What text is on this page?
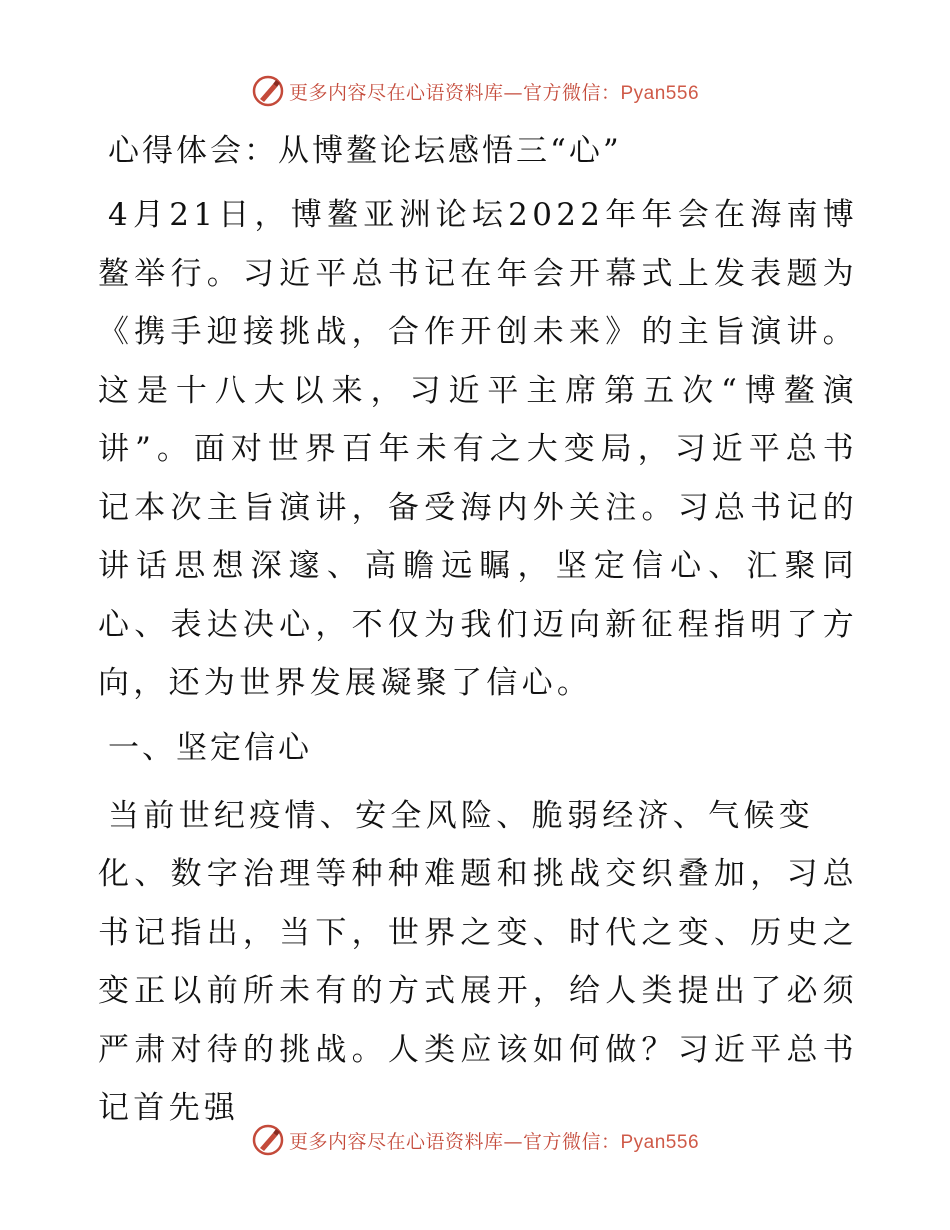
更多内容尽在心语资料库—官方微信：Pyan556
心得体会：从博鳌论坛感悟三“心”

4月21日，博鳌亚洲论坛2022年年会在海南博鳌举行。习近平总书记在年会开幕式上发表题为《携手迎接挑战，合作开创未来》的主旨演讲。这是十八大以来，习近平主席第五次“博鳌演讲”。面对世界百年未有之大变局，习近平总书记本次主旨演讲，备受海内外关注。习总书记的讲话思想深邃、高瞻远瞩，坚定信心、汇聚同心、表达决心，不仅为我们迈向新征程指明了方向，还为世界发展凝聚了信心。

一、坚定信心

当前世纪疫情、安全风险、脆弱经济、气候变
化、数字治理等种种难题和挑战交织叠加，习总书记指出，当下，世界之变、时代之变、历史之变正以前所未有的方式展开，给人类提出了必须严肃对待的挑战。人类应该如何做？习近平总书记首先强

更多内容尽在心语资料库—官方微信：Pyan556
